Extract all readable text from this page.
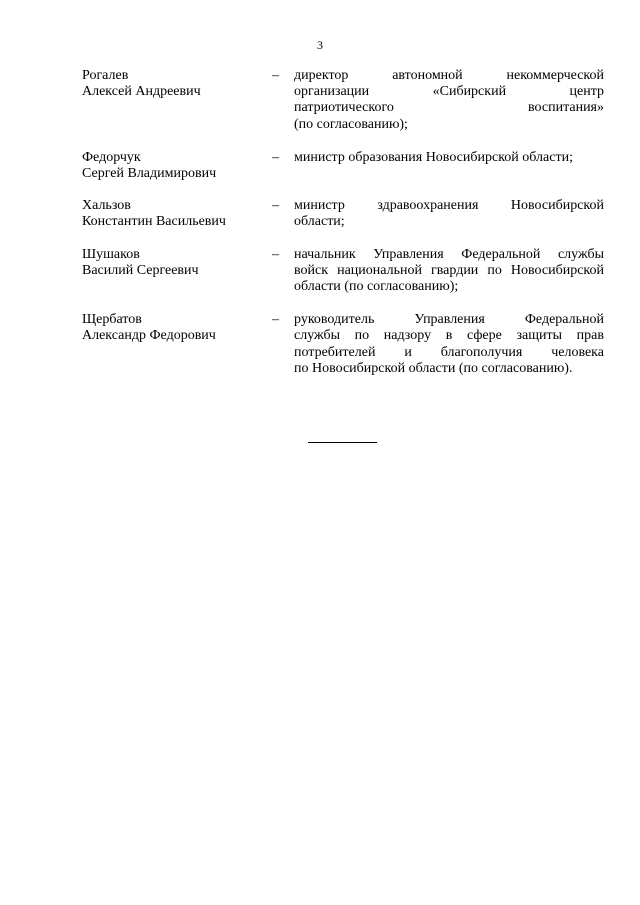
3
Рогалев
Алексей Андреевич
–	директор автономной некоммерческой
организации «Сибирский центр
патриотического воспитания»
(по согласованию);
Федорчук
Сергей Владимирович
–	министр образования Новосибирской области;
Хальзов
Константин Васильевич
–	министр здравоохранения Новосибирской
области;
Шушаков
Василий Сергеевич
–	начальник Управления Федеральной службы
войск национальной гвардии по Новосибирской
области (по согласованию);
Щербатов
Александр Федорович
–	руководитель Управления Федеральной
службы по надзору в сфере защиты прав
потребителей и благополучия человека
по Новосибирской области (по согласованию).
